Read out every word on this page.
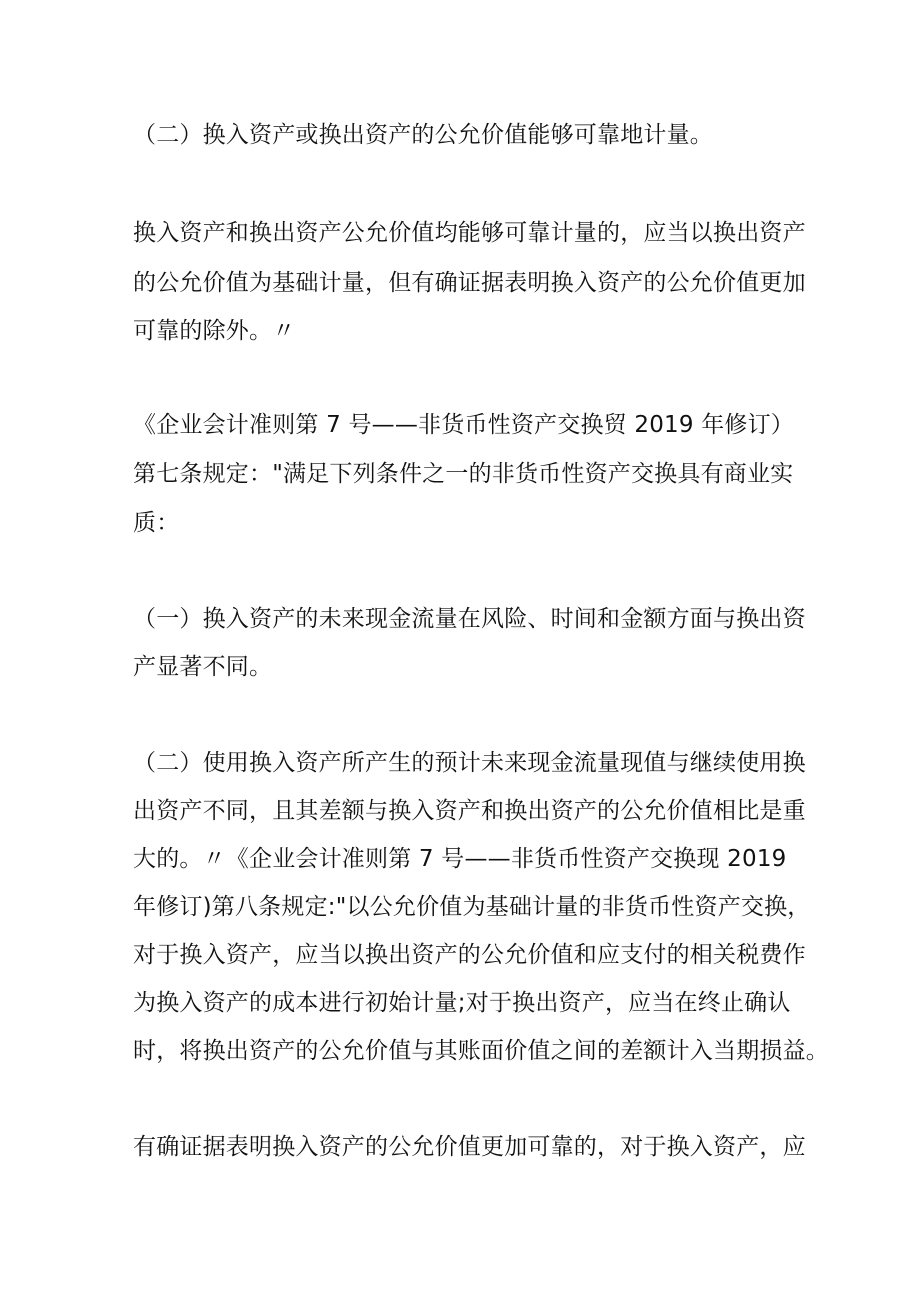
（二）换入资产或换出资产的公允价值能够可靠地计量。
换入资产和换出资产公允价值均能够可靠计量的，应当以换出资产
的公允价值为基础计量，但有确证据表明换入资产的公允价值更加
可靠的除外。〃
《企业会计准则第 7 号——非货币性资产交换贸 2019 年修订）
第七条规定："满足下列条件之一的非货币性资产交换具有商业实
质：
（一）换入资产的未来现金流量在风险、时间和金额方面与换出资
产显著不同。
（二）使用换入资产所产生的预计未来现金流量现值与继续使用换
出资产不同，且其差额与换入资产和换出资产的公允价值相比是重
大的。〃《企业会计准则第 7 号——非货币性资产交换现 2019
年修订)第八条规定:"以公允价值为基础计量的非货币性资产交换，
对于换入资产，应当以换出资产的公允价值和应支付的相关税费作
为换入资产的成本进行初始计量;对于换出资产，应当在终止确认
时，将换出资产的公允价值与其账面价值之间的差额计入当期损益。
有确证据表明换入资产的公允价值更加可靠的，对于换入资产，应
